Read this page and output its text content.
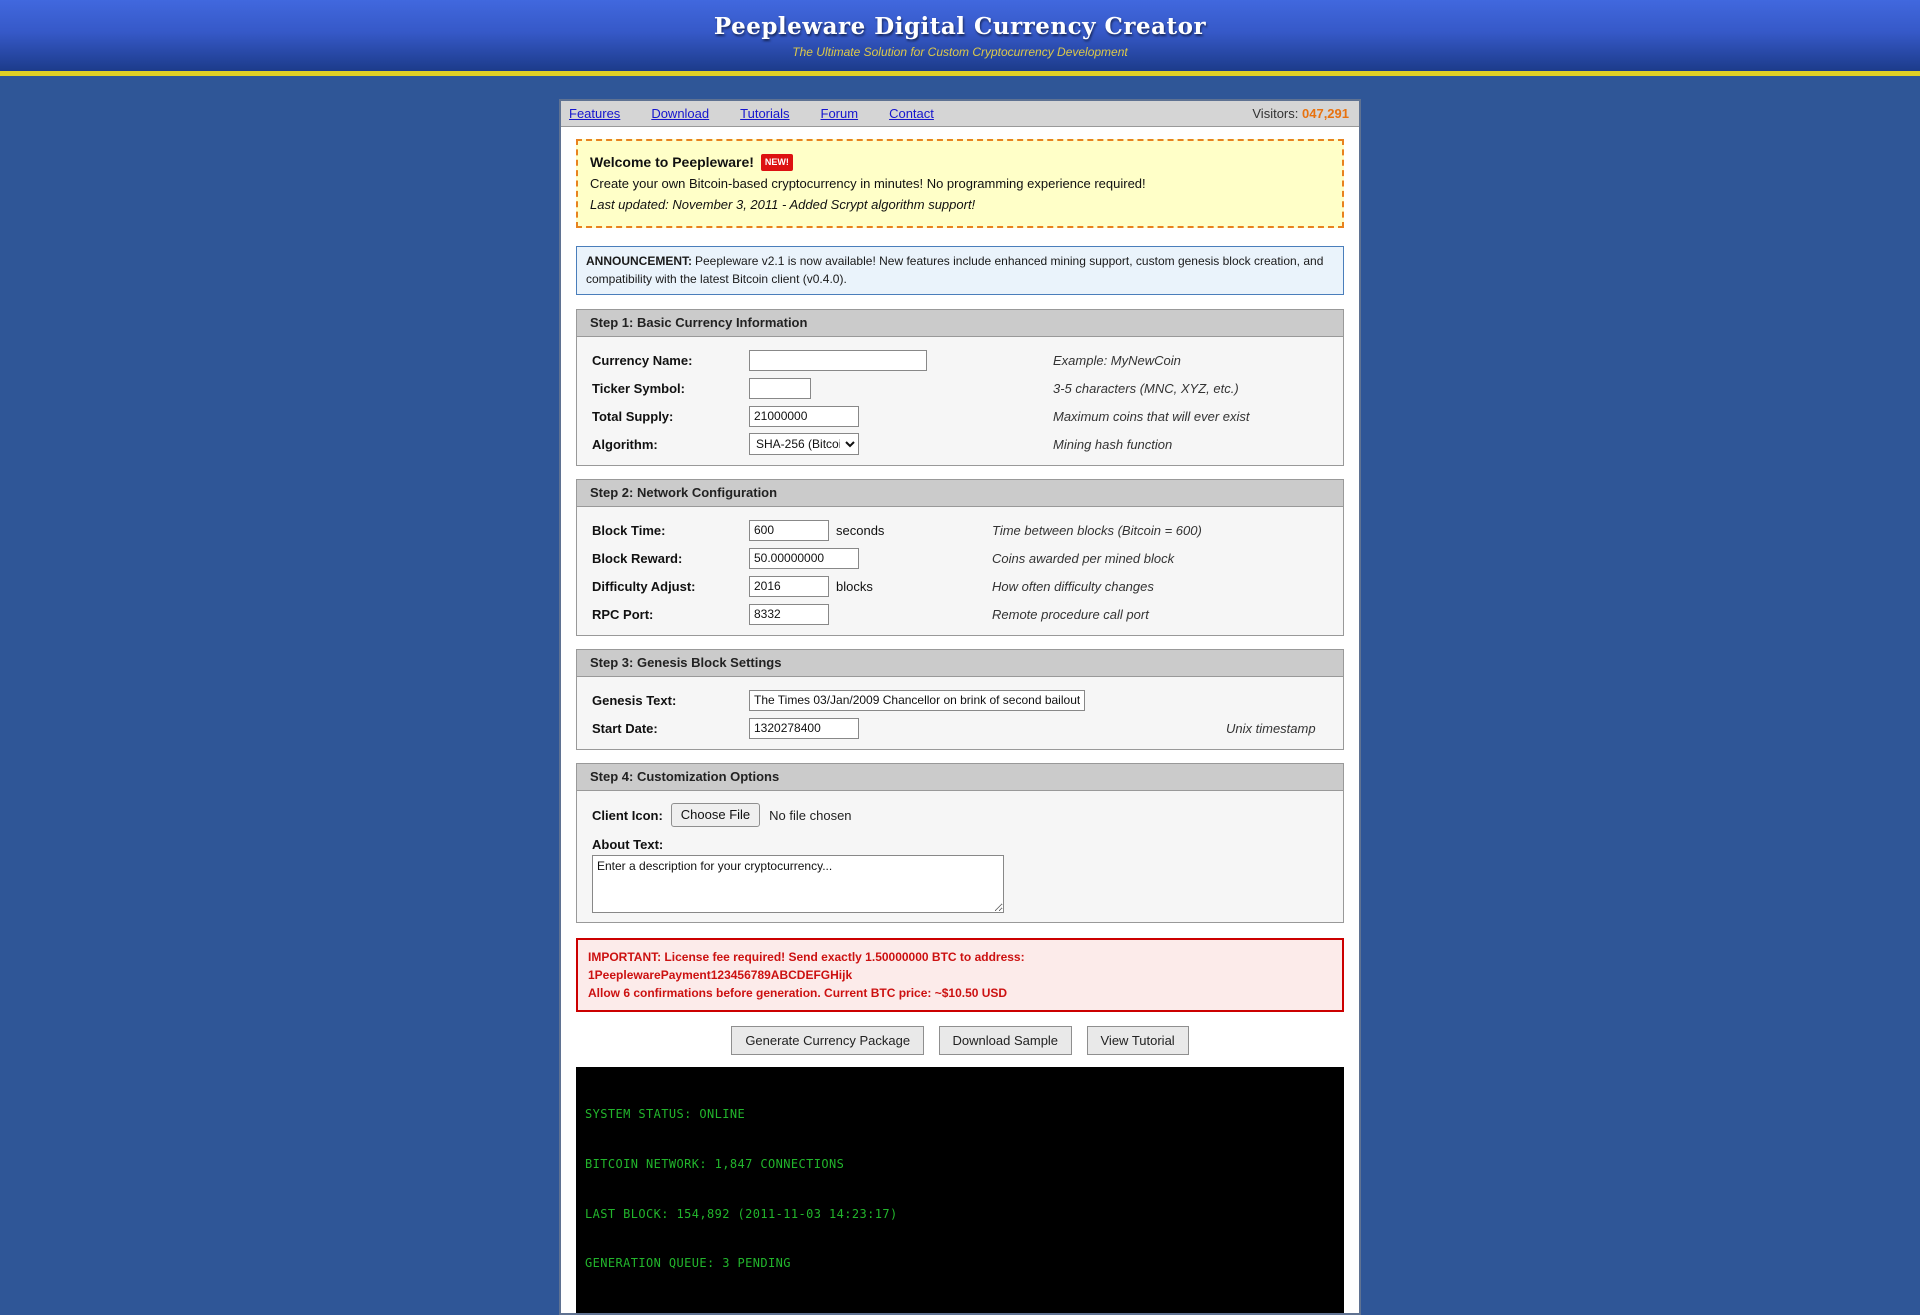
Peepleware Digital Currency Creator
The Ultimate Solution for Custom Cryptocurrency Development
Features Download Tutorials Forum Contact	Visitors: 047,291
Welcome to Peepleware! NEW!
Create your own Bitcoin-based cryptocurrency in minutes! No programming experience required!
Last updated: November 3, 2011 - Added Scrypt algorithm support!
ANNOUNCEMENT: Peepleware v2.1 is now available! New features include enhanced mining support, custom genesis block creation, and compatibility with the latest Bitcoin client (v0.4.0).
Step 1: Basic Currency Information
Currency Name:	Example: MyNewCoin
Ticker Symbol:	3-5 characters (MNC, XYZ, etc.)
Total Supply:
21000000	Maximum coins that will ever exist
Algorithm:
SHA-256 (Bitcoin)	Mining hash function
Step 2: Network Configuration
Block Time:
600	seconds	Time between blocks (Bitcoin = 600)
Block Reward:
50.00000000	Coins awarded per mined block
Difficulty Adjust:
2016	blocks	How often difficulty changes
RPC Port:
8332	Remote procedure call port
Step 3: Genesis Block Settings
Genesis Text:
The Times 03/Jan/2009 Chancellor on brink of second bailout for banks
Start Date:
1320278400	Unix timestamp
Step 4: Customization Options
Client Icon:	Choose File	No file chosen
About Text:
Enter a description for your cryptocurrency...
IMPORTANT: License fee required! Send exactly 1.50000000 BTC to address:
1PeeplewarePayment123456789ABCDEFGHijk
Allow 6 confirmations before generation. Current BTC price: ~$10.50 USD
Generate Currency Package	Download Sample	View Tutorial

SYSTEM STATUS: ONLINE

BITCOIN NETWORK: 1,847 CONNECTIONS

LAST BLOCK: 154,892 (2011-11-03 14:23:17)

GENERATION QUEUE: 3 PENDING
